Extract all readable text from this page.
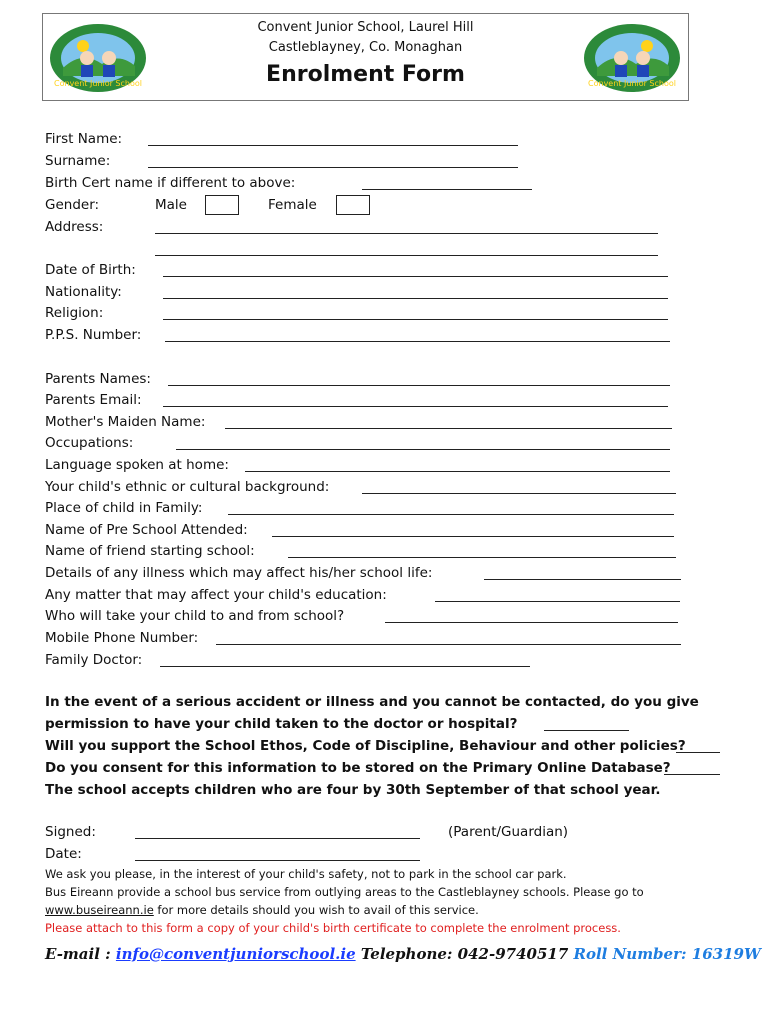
Convent Junior School
Convent Junior School, Laurel Hill
Castleblayney, Co. Monaghan
Enrolment Form	Convent Junior School
First Name:
Surname:
Birth Cert name if different to above:
Gender:	Male	Female
Address:
Date of Birth:
Nationality:
Religion:
P.P.S. Number:
Parents Names:
Parents Email:
Mother's Maiden Name:
Occupations:
Language spoken at home:
Your child's ethnic or cultural background:
Place of child in Family:
Name of Pre School Attended:
Name of friend starting school:
Details of any illness which may affect his/her school life:
Any matter that may affect your child's education:
Who will take your child to and from school?
Mobile Phone Number:
Family Doctor:
In the event of a serious accident or illness and you cannot be contacted, do you give
permission to have your child taken to the doctor or hospital?
Will you support the School Ethos, Code of Discipline, Behaviour and other policies?
Do you consent for this information to be stored on the Primary Online Database?
The school accepts children who are four by 30th September of that school year.
Signed:	(Parent/Guardian)
Date:
We ask you please, in the interest of your child's safety, not to park in the school car park.
Bus Eireann provide a school bus service from outlying areas to the Castleblayney schools. Please go to
www.buseireann.ie for more details should you wish to avail of this service.
Please attach to this form a copy of your child's birth certificate to complete the enrolment process.
E-mail : info@conventjuniorschool.ie Telephone: 042-9740517 Roll Number: 16319W
